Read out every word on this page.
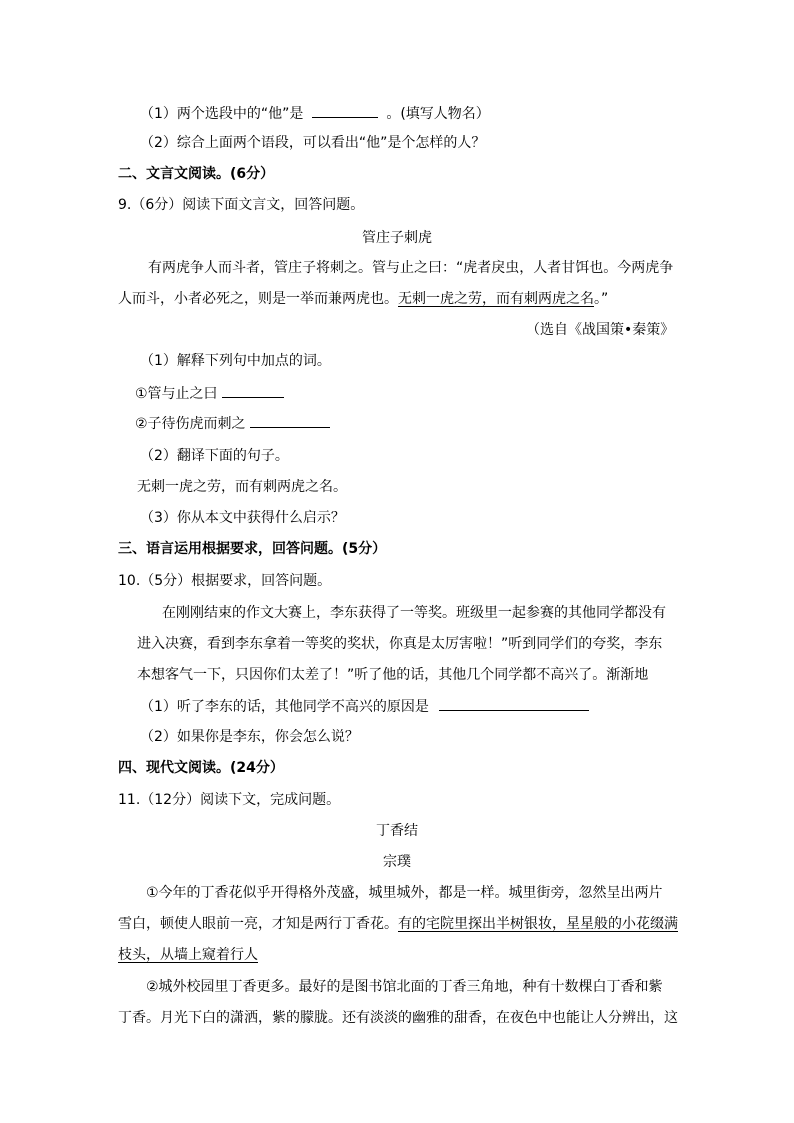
（1）两个选段中的“他”是	。(填写人物名）
（2）综合上面两个语段，可以看出“他”是个怎样的人？
二、文言文阅读。(6分）
9.（6分）阅读下面文言文，回答问题。
管庄子刺虎
有两虎争人而斗者，管庄子将刺之。管与止之曰：“虎者戾虫，人者甘饵也。今两虎争
人而斗，小者必死之，则是一举而兼两虎也。无刺一虎之劳，而有刺两虎之名。”
（选自《战国策•秦策》
（1）解释下列句中加点的词。
①管与止之曰
②子待伤虎而刺之
（2）翻译下面的句子。
无刺一虎之劳，而有刺两虎之名。
（3）你从本文中获得什么启示？
三、语言运用根据要求，回答问题。(5分）
10.（5分）根据要求，回答问题。
在刚刚结束的作文大赛上，李东获得了一等奖。班级里一起参赛的其他同学都没有
进入决赛，看到李东拿着一等奖的奖状，你真是太厉害啦！”听到同学们的夸奖，李东
本想客气一下，只因你们太差了！”听了他的话，其他几个同学都不高兴了。渐渐地
（1）听了李东的话，其他同学不高兴的原因是
（2）如果你是李东，你会怎么说？
四、现代文阅读。(24分）
11.（12分）阅读下文，完成问题。
丁香结
宗璞
①今年的丁香花似乎开得格外茂盛，城里城外，都是一样。城里街旁，忽然呈出两片
雪白，顿使人眼前一亮，才知是两行丁香花。有的宅院里探出半树银妆，星星般的小花缀满
枝头，从墙上窥着行人
②城外校园里丁香更多。最好的是图书馆北面的丁香三角地，种有十数棵白丁香和紫
丁香。月光下白的潇洒，紫的朦胧。还有淡淡的幽雅的甜香，在夜色中也能让人分辨出，这
